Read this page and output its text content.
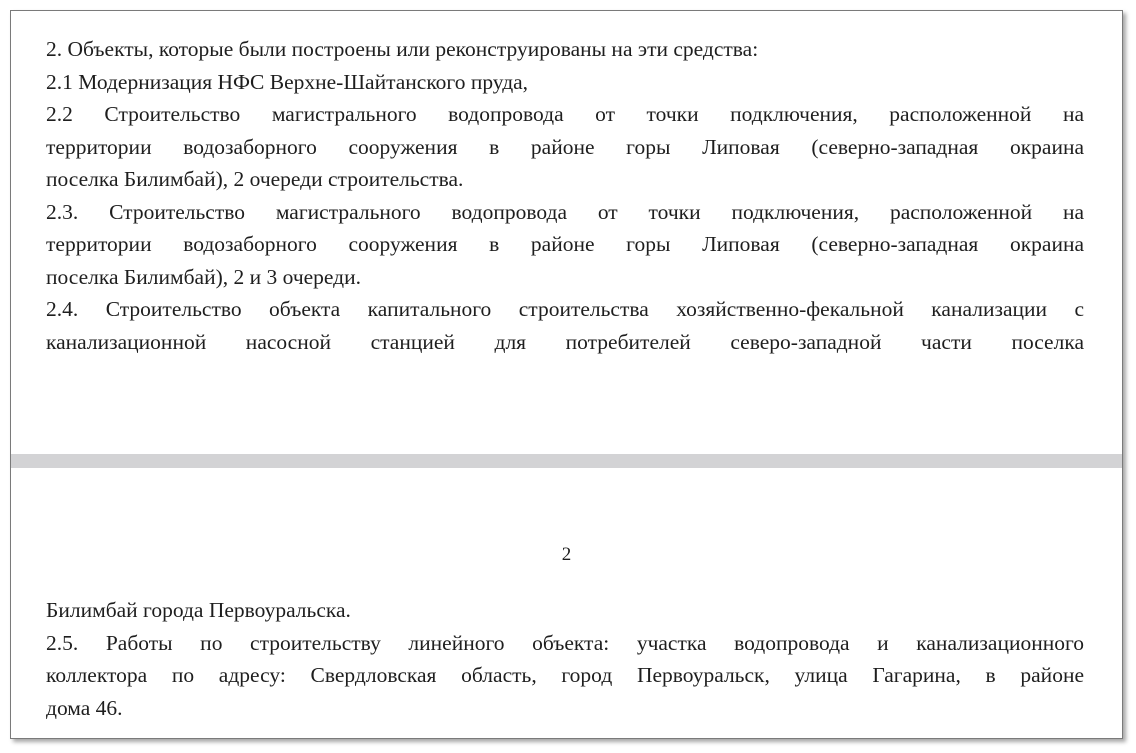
2. Объекты, которые были построены или реконструированы на эти средства:
2.1 Модернизация НФС Верхне-Шайтанского пруда,
2.2 Строительство магистрального водопровода от точки подключения, расположенной на
территории водозаборного сооружения в районе горы Липовая (северно-западная окраина
поселка Билимбай), 2 очереди строительства.
2.3. Строительство магистрального водопровода от точки подключения, расположенной на
территории водозаборного сооружения в районе горы Липовая (северно-западная окраина
поселка Билимбай), 2 и 3 очереди.
2.4. Строительство объекта капитального строительства хозяйственно-фекальной канализации с
канализационной насосной станцией для потребителей северо-западной части поселка
2
Билимбай города Первоуральска.
2.5. Работы по строительству линейного объекта: участка водопровода и канализационного
коллектора по адресу: Свердловская область, город Первоуральск, улица Гагарина, в районе
дома 46.
